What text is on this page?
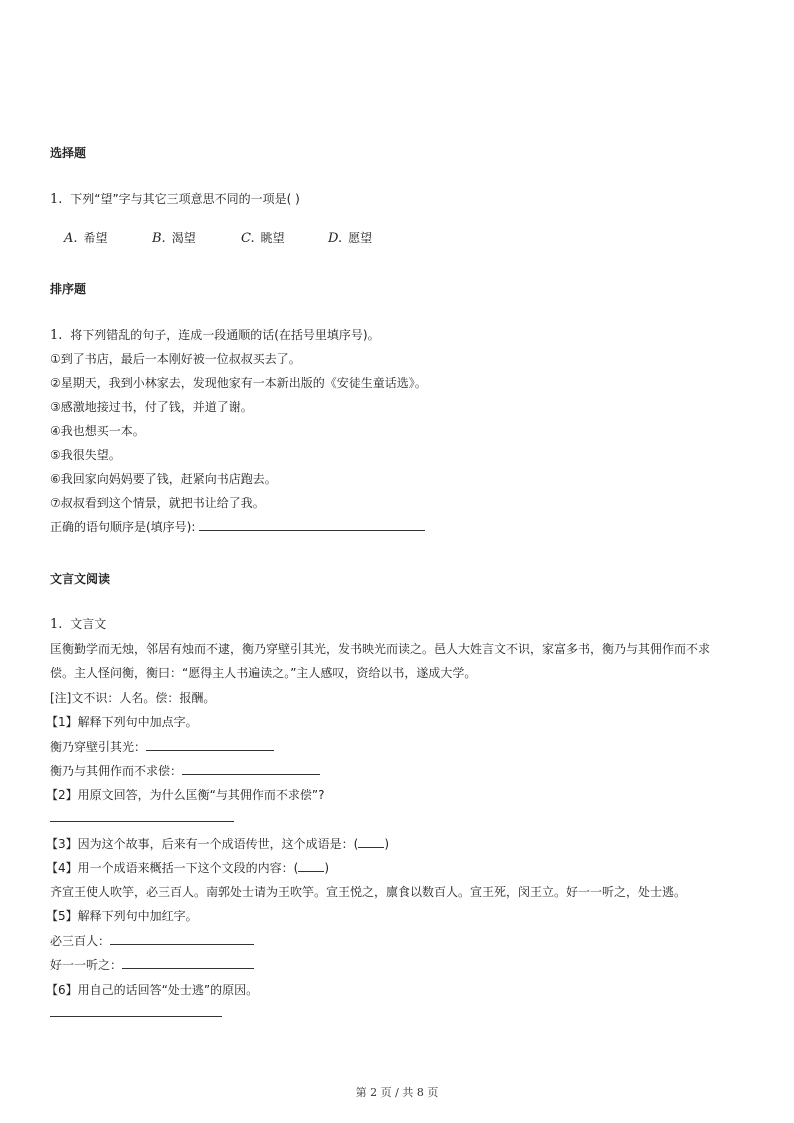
选择题
1. 下列“望”字与其它三项意思不同的一项是( )
A. 希望	B. 渴望	C. 眺望	D. 愿望
排序题
1. 将下列错乱的句子，连成一段通顺的话(在括号里填序号)。
①到了书店，最后一本刚好被一位叔叔买去了。
②星期天，我到小林家去，发现他家有一本新出版的《安徒生童话选》。
③感激地接过书，付了钱，并道了谢。
④我也想买一本。
⑤我很失望。
⑥我回家向妈妈要了钱，赶紧向书店跑去。
⑦叔叔看到这个情景，就把书让给了我。
正确的语句顺序是(填序号):
文言文阅读
1. 文言文
匡衡勤学而无烛，邻居有烛而不逮，衡乃穿壁引其光，发书映光而读之。邑人大姓言文不识，家富多书，衡乃与其佣作而不求
偿。主人怪问衡，衡曰：“愿得主人书遍读之。”主人感叹，资给以书，遂成大学。
[注]文不识：人名。偿：报酬。
【1】解释下列句中加点字。
衡乃穿壁引其光：
衡乃与其佣作而不求偿：
【2】用原文回答，为什么匡衡“与其佣作而不求偿”?
【3】因为这个故事，后来有一个成语传世，这个成语是：( )
【4】用一个成语来概括一下这个文段的内容：( )
齐宣王使人吹竽，必三百人。南郭处士请为王吹竽。宣王悦之，廪食以数百人。宣王死，闵王立。好一一听之，处士逃。
【5】解释下列句中加红字。
必三百人：
好一一听之：
【6】用自己的话回答“处士逃”的原因。
第 2 页 / 共 8 页
